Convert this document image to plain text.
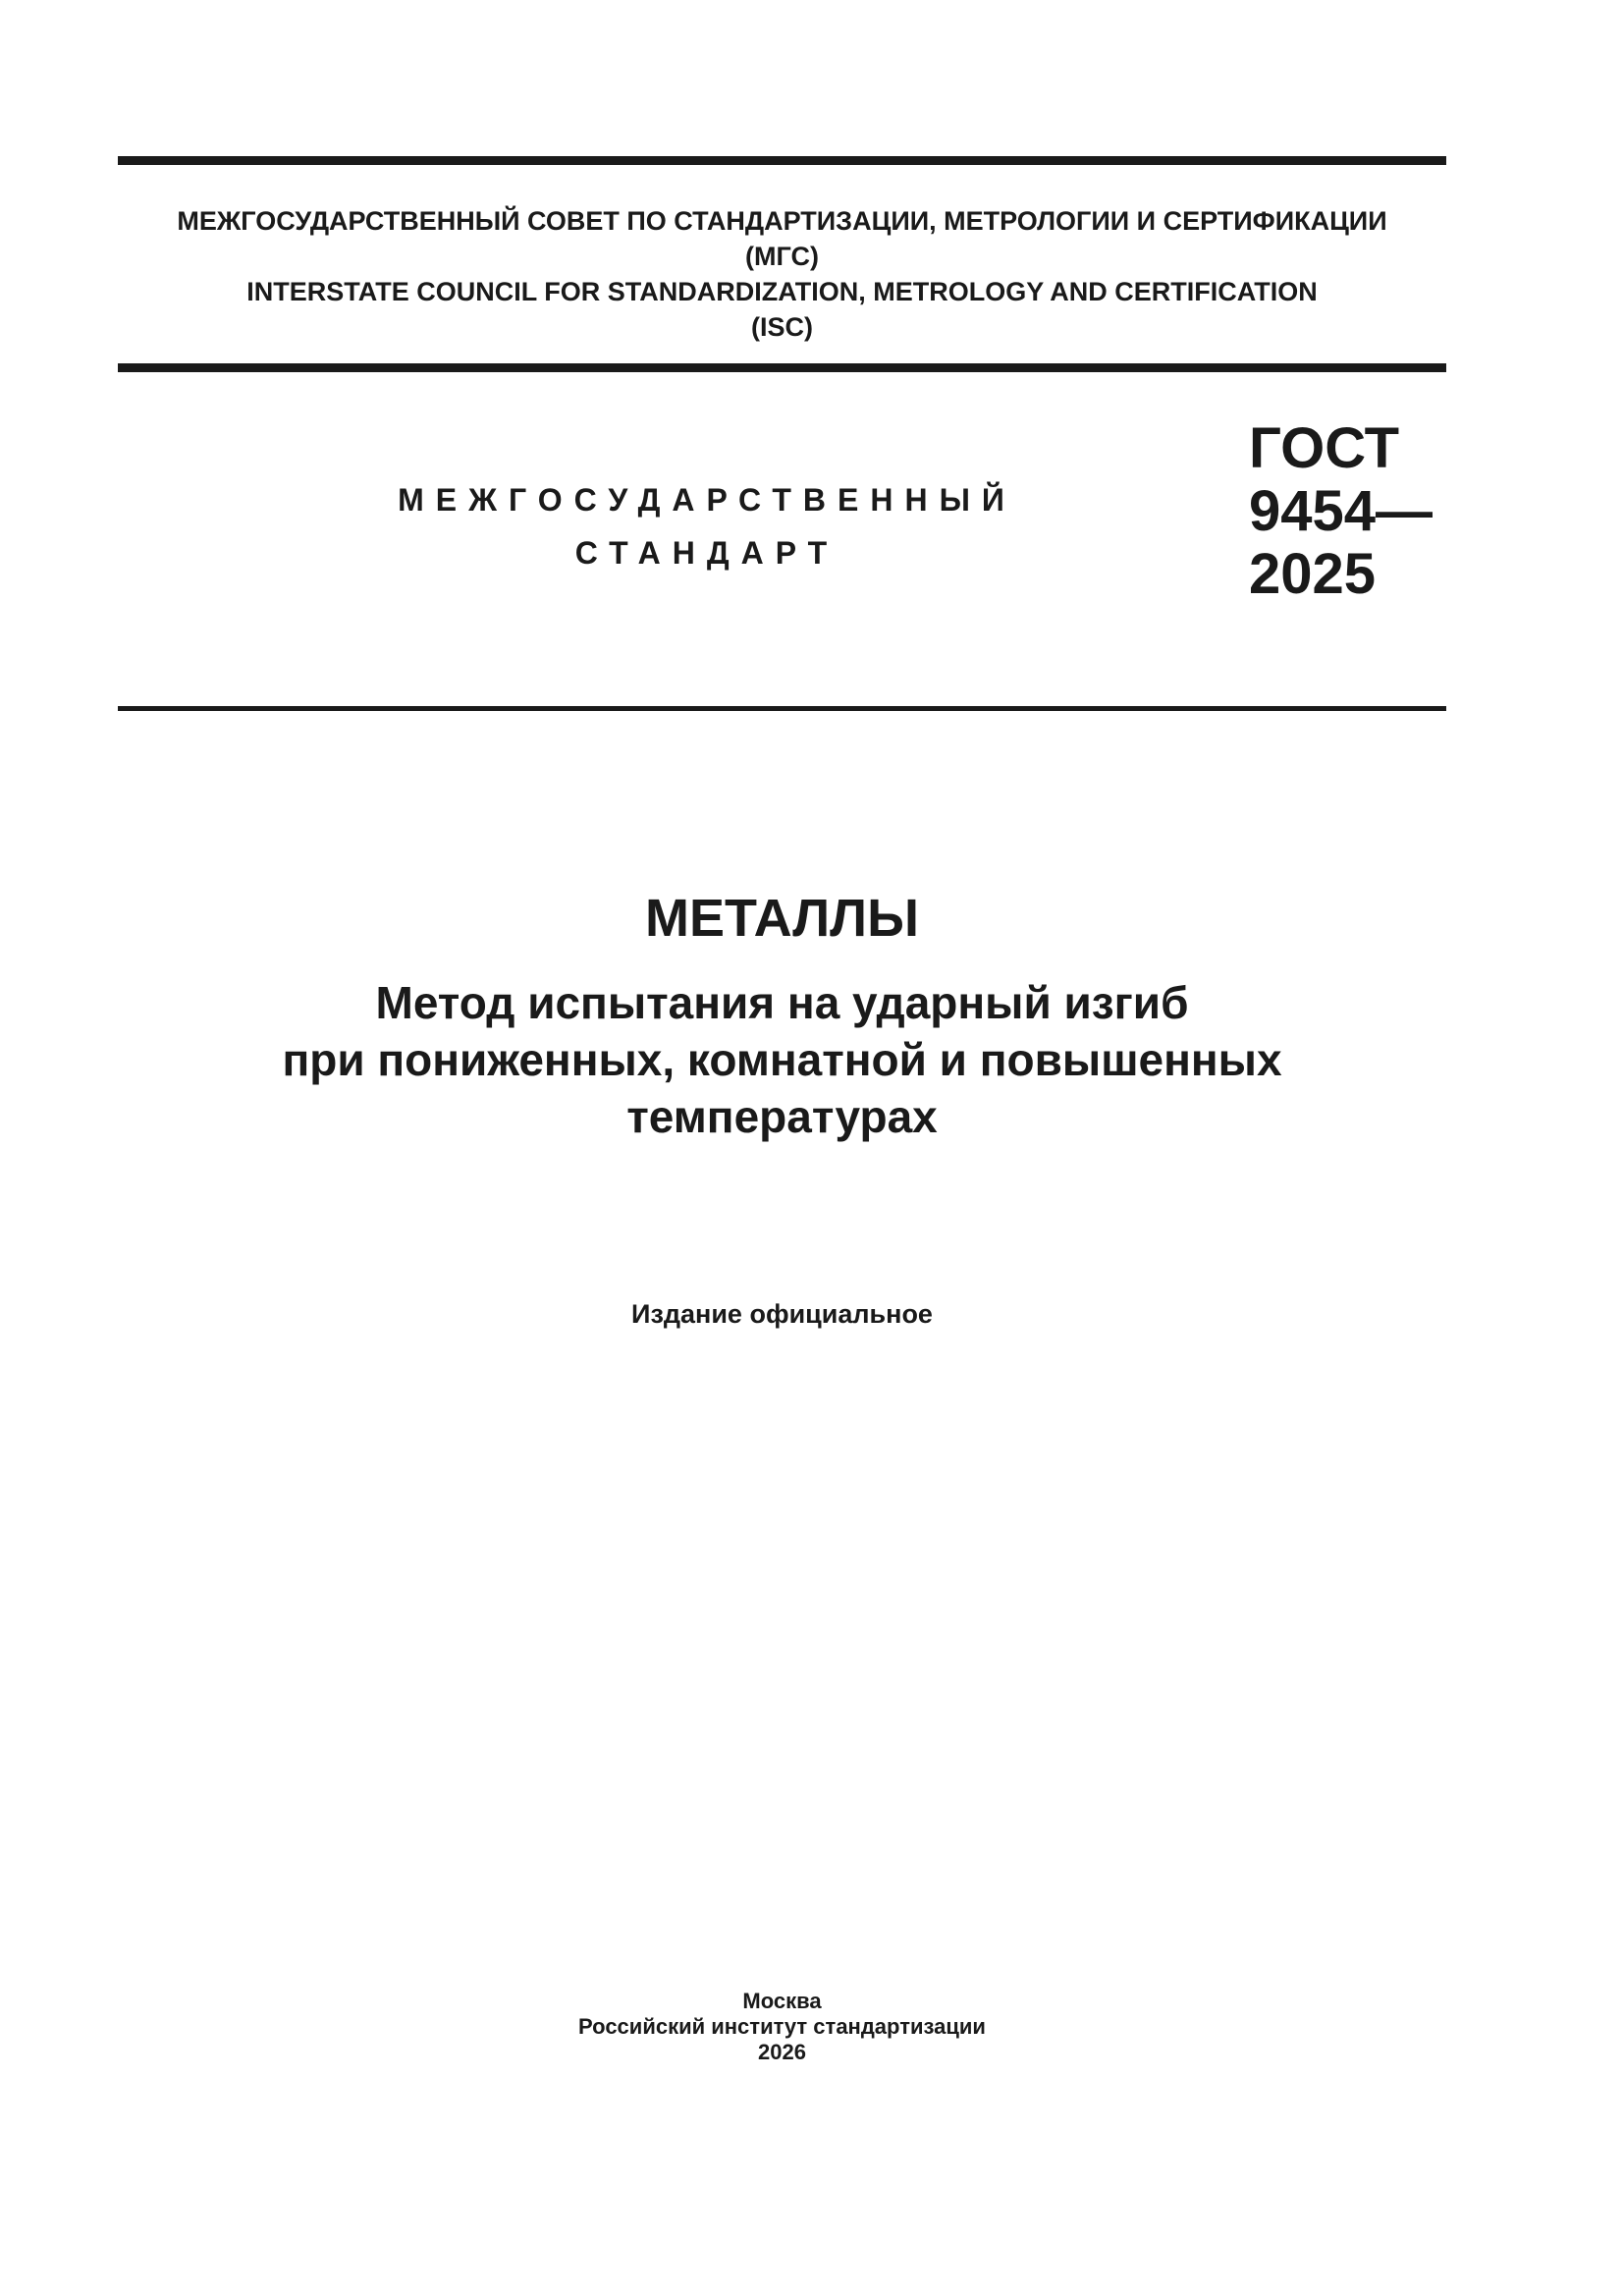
МЕЖГОСУДАРСТВЕННЫЙ СОВЕТ ПО СТАНДАРТИЗАЦИИ, МЕТРОЛОГИИ И СЕРТИФИКАЦИИ
(МГС)
INTERSTATE COUNCIL FOR STANDARDIZATION, METROLOGY AND CERTIFICATION
(ISC)
МЕЖГОСУДАРСТВЕННЫЙ
СТАНДАРТ
ГОСТ
9454—
2025
МЕТАЛЛЫ
Метод испытания на ударный изгиб
при пониженных, комнатной и повышенных
температурах
Издание официальное
Москва
Российский институт стандартизации
2026
